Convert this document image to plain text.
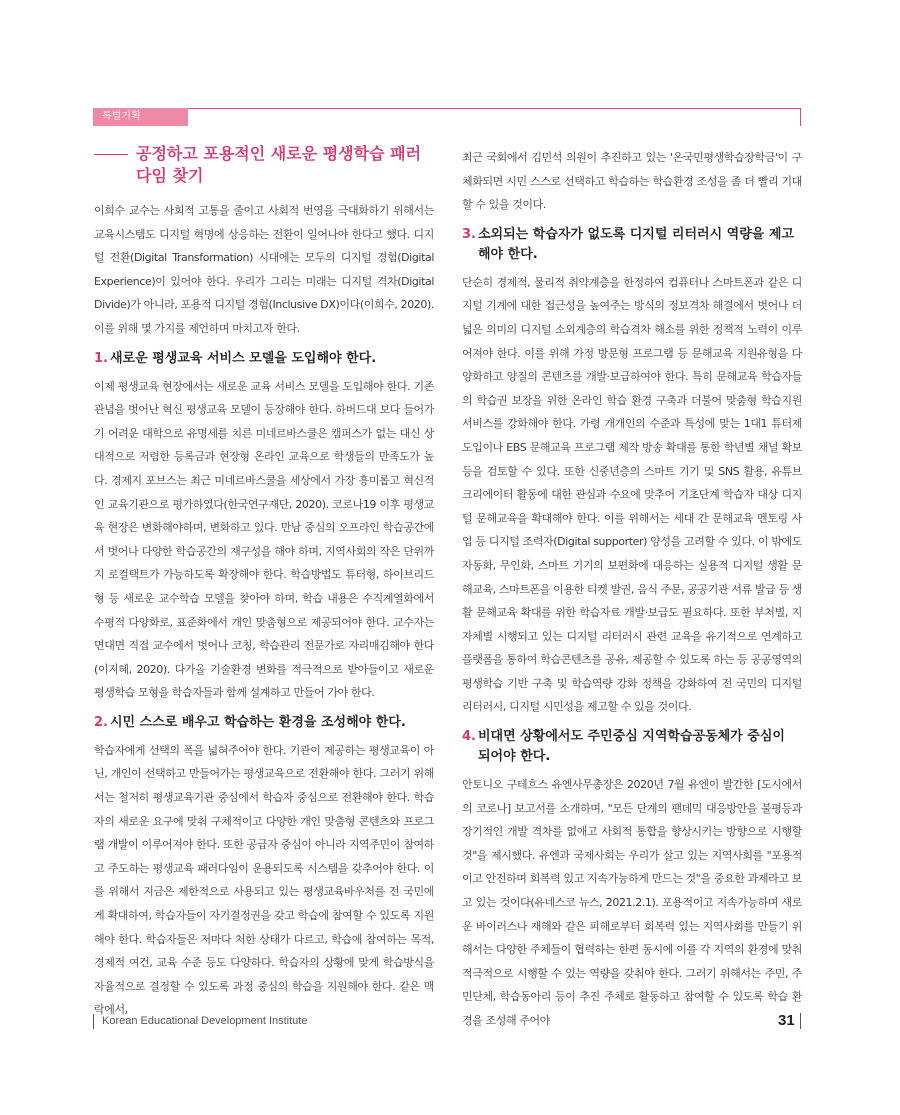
특별기획
공정하고 포용적인 새로운 평생학습 패러다임 찾기

이희수 교수는 사회적 고통을 줄이고 사회적 번영을 극대화하기 위해서는 교육시스템도 디지털 혁명에 상응하는 전환이 일어나야 한다고 했다. 디지털 전환(Digital Transformation) 시대에는 모두의 디지털 경험(Digital Experience)이 있어야 한다. 우리가 그리는 미래는 디지털 격차(Digital Divide)가 아니라, 포용적 디지털 경험(Inclusive DX)이다(이희수, 2020). 이를 위해 몇 가지를 제언하며 마치고자 한다.

1. 새로운 평생교육 서비스 모델을 도입해야 한다.

이제 평생교육 현장에서는 새로운 교육 서비스 모델을 도입해야 한다. 기존 관념을 벗어난 혁신 평생교육 모델이 등장해야 한다. 하버드대 보다 들어가기 어려운 대학으로 유명세를 치른 미네르바스쿨은 캠퍼스가 없는 대신 상대적으로 저렴한 등록금과 현장형 온라인 교육으로 학생들의 만족도가 높다. 경제지 포브스는 최근 미네르바스쿨을 세상에서 가장 흥미롭고 혁신적인 교육기관으로 평가하였다(한국연구재단, 2020). 코로나19 이후 평생교육 현장은 변화해야하며, 변화하고 있다. 만남 중심의 오프라인 학습공간에서 벗어나 다양한 학습공간의 재구성을 해야 하며, 지역사회의 작은 단위까지 로컬택트가 가능하도록 확장해야 한다. 학습방법도 튜터형, 하이브리드형 등 새로운 교수학습 모델을 찾아야 하며, 학습 내용은 수직계열화에서 수평적 다양화로, 표준화에서 개인 맞춤형으로 제공되어야 한다. 교수자는 면대면 직접 교수에서 벗어나 코칭, 학습관리 전문가로 자리매김해야 한다(이지혜, 2020). 다가올 기술환경 변화를 적극적으로 받아들이고 새로운 평생학습 모형을 학습자들과 함께 설계하고 만들어 가야 한다.

2. 시민 스스로 배우고 학습하는 환경을 조성해야 한다.

학습자에게 선택의 폭을 넓혀주어야 한다. 기관이 제공하는 평생교육이 아닌, 개인이 선택하고 만들어가는 평생교육으로 전환해야 한다. 그러기 위해서는 철저히 평생교육기관 중심에서 학습자 중심으로 전환해야 한다. 학습자의 새로운 요구에 맞춰 구체적이고 다양한 개인 맞춤형 콘텐츠와 프로그램 개발이 이루어져야 한다. 또한 공급자 중심이 아니라 지역주민이 참여하고 주도하는 평생교육 패러다임이 운용되도록 시스템을 갖추어야 한다. 이를 위해서 지금은 제한적으로 사용되고 있는 평생교육바우처를 전 국민에게 확대하여, 학습자들이 자기결정권을 갖고 학습에 참여할 수 있도록 지원해야 한다. 학습자들은 저마다 처한 상태가 다르고, 학습에 참여하는 목적, 경제적 여건, 교육 수준 등도 다양하다. 학습자의 상황에 맞게 학습방식을 자율적으로 결정할 수 있도록 과정 중심의 학습을 지원해야 한다. 같은 맥락에서,

최근 국회에서 김민석 의원이 추진하고 있는 '온국민평생학습장학금'이 구체화되면 시민 스스로 선택하고 학습하는 학습환경 조성을 좀 더 빨리 기대할 수 있을 것이다.

3. 소외되는 학습자가 없도록 디지털 리터러시 역량을 제고해야 한다.

단순히 경제적, 물리적 취약계층을 한정하여 컴퓨터나 스마트폰과 같은 디지털 기계에 대한 접근성을 높여주는 방식의 정보격차 해결에서 벗어나 더 넓은 의미의 디지털 소외계층의 학습격차 해소를 위한 정책적 노력이 이루어져야 한다. 이를 위해 가정 방문형 프로그램 등 문해교육 지원유형을 다양화하고 양질의 콘텐츠를 개발·보급하여야 한다. 특히 문해교육 학습자들의 학습권 보장을 위한 온라인 학습 환경 구축과 더불어 맞춤형 학습지원 서비스를 강화해야 한다. 가령 개개인의 수준과 특성에 맞는 1대1 튜터제 도입이나 EBS 문해교육 프로그램 제작 방송 확대를 통한 학년별 채널 확보 등을 검토할 수 있다. 또한 신중년층의 스마트 기기 및 SNS 활용, 유튜브 크리에이터 활동에 대한 관심과 수요에 맞추어 기초단계 학습자 대상 디지털 문해교육을 확대해야 한다. 이를 위해서는 세대 간 문해교육 멘토링 사업 등 디지털 조력자(Digital supporter) 양성을 고려할 수 있다. 이 밖에도 자동화, 무인화, 스마트 기기의 보편화에 대응하는 실용적 디지털 생활 문해교육, 스마트폰을 이용한 티켓 발권, 음식 주문, 공공기관 서류 발급 등 생활 문해교육 확대를 위한 학습자료 개발·보급도 필요하다. 또한 부처별, 지자체별 시행되고 있는 디지털 리터러시 관련 교육을 유기적으로 연계하고 플랫폼을 통하여 학습콘텐츠를 공유, 제공할 수 있도록 하는 등 공공영역의 평생학습 기반 구축 및 학습역량 강화 정책을 강화하여 전 국민의 디지털 리터러시, 디지털 시민성을 제고할 수 있을 것이다.

4. 비대면 상황에서도 주민중심 지역학습공동체가 중심이 되어야 한다.

안토니오 구테흐스 유엔사무총장은 2020년 7월 유엔이 발간한 [도시에서의 코로나] 보고서를 소개하며, "모든 단계의 팬데믹 대응방안을 불평등과 장기적인 개발 격차를 없애고 사회적 통합을 향상시키는 방향으로 시행할 것"을 제시했다. 유엔과 국제사회는 우리가 살고 있는 지역사회를 "포용적이고 안전하며 회복력 있고 지속가능하게 만드는 것"을 중요한 과제라고 보고 있는 것이다(유네스코 뉴스, 2021.2.1). 포용적이고 지속가능하며 새로운 바이러스나 재해와 같은 피해로부터 회복력 있는 지역사회를 만들기 위해서는 다양한 주체들이 협력하는 한편 동시에 이를 각 지역의 환경에 맞춰 적극적으로 시행할 수 있는 역량을 갖춰야 한다. 그러기 위해서는 주민, 주민단체, 학습동아리 등이 추진 주체로 활동하고 참여할 수 있도록 학습 환경을 조성해 주어야

Korean Educational Development Institute	31
